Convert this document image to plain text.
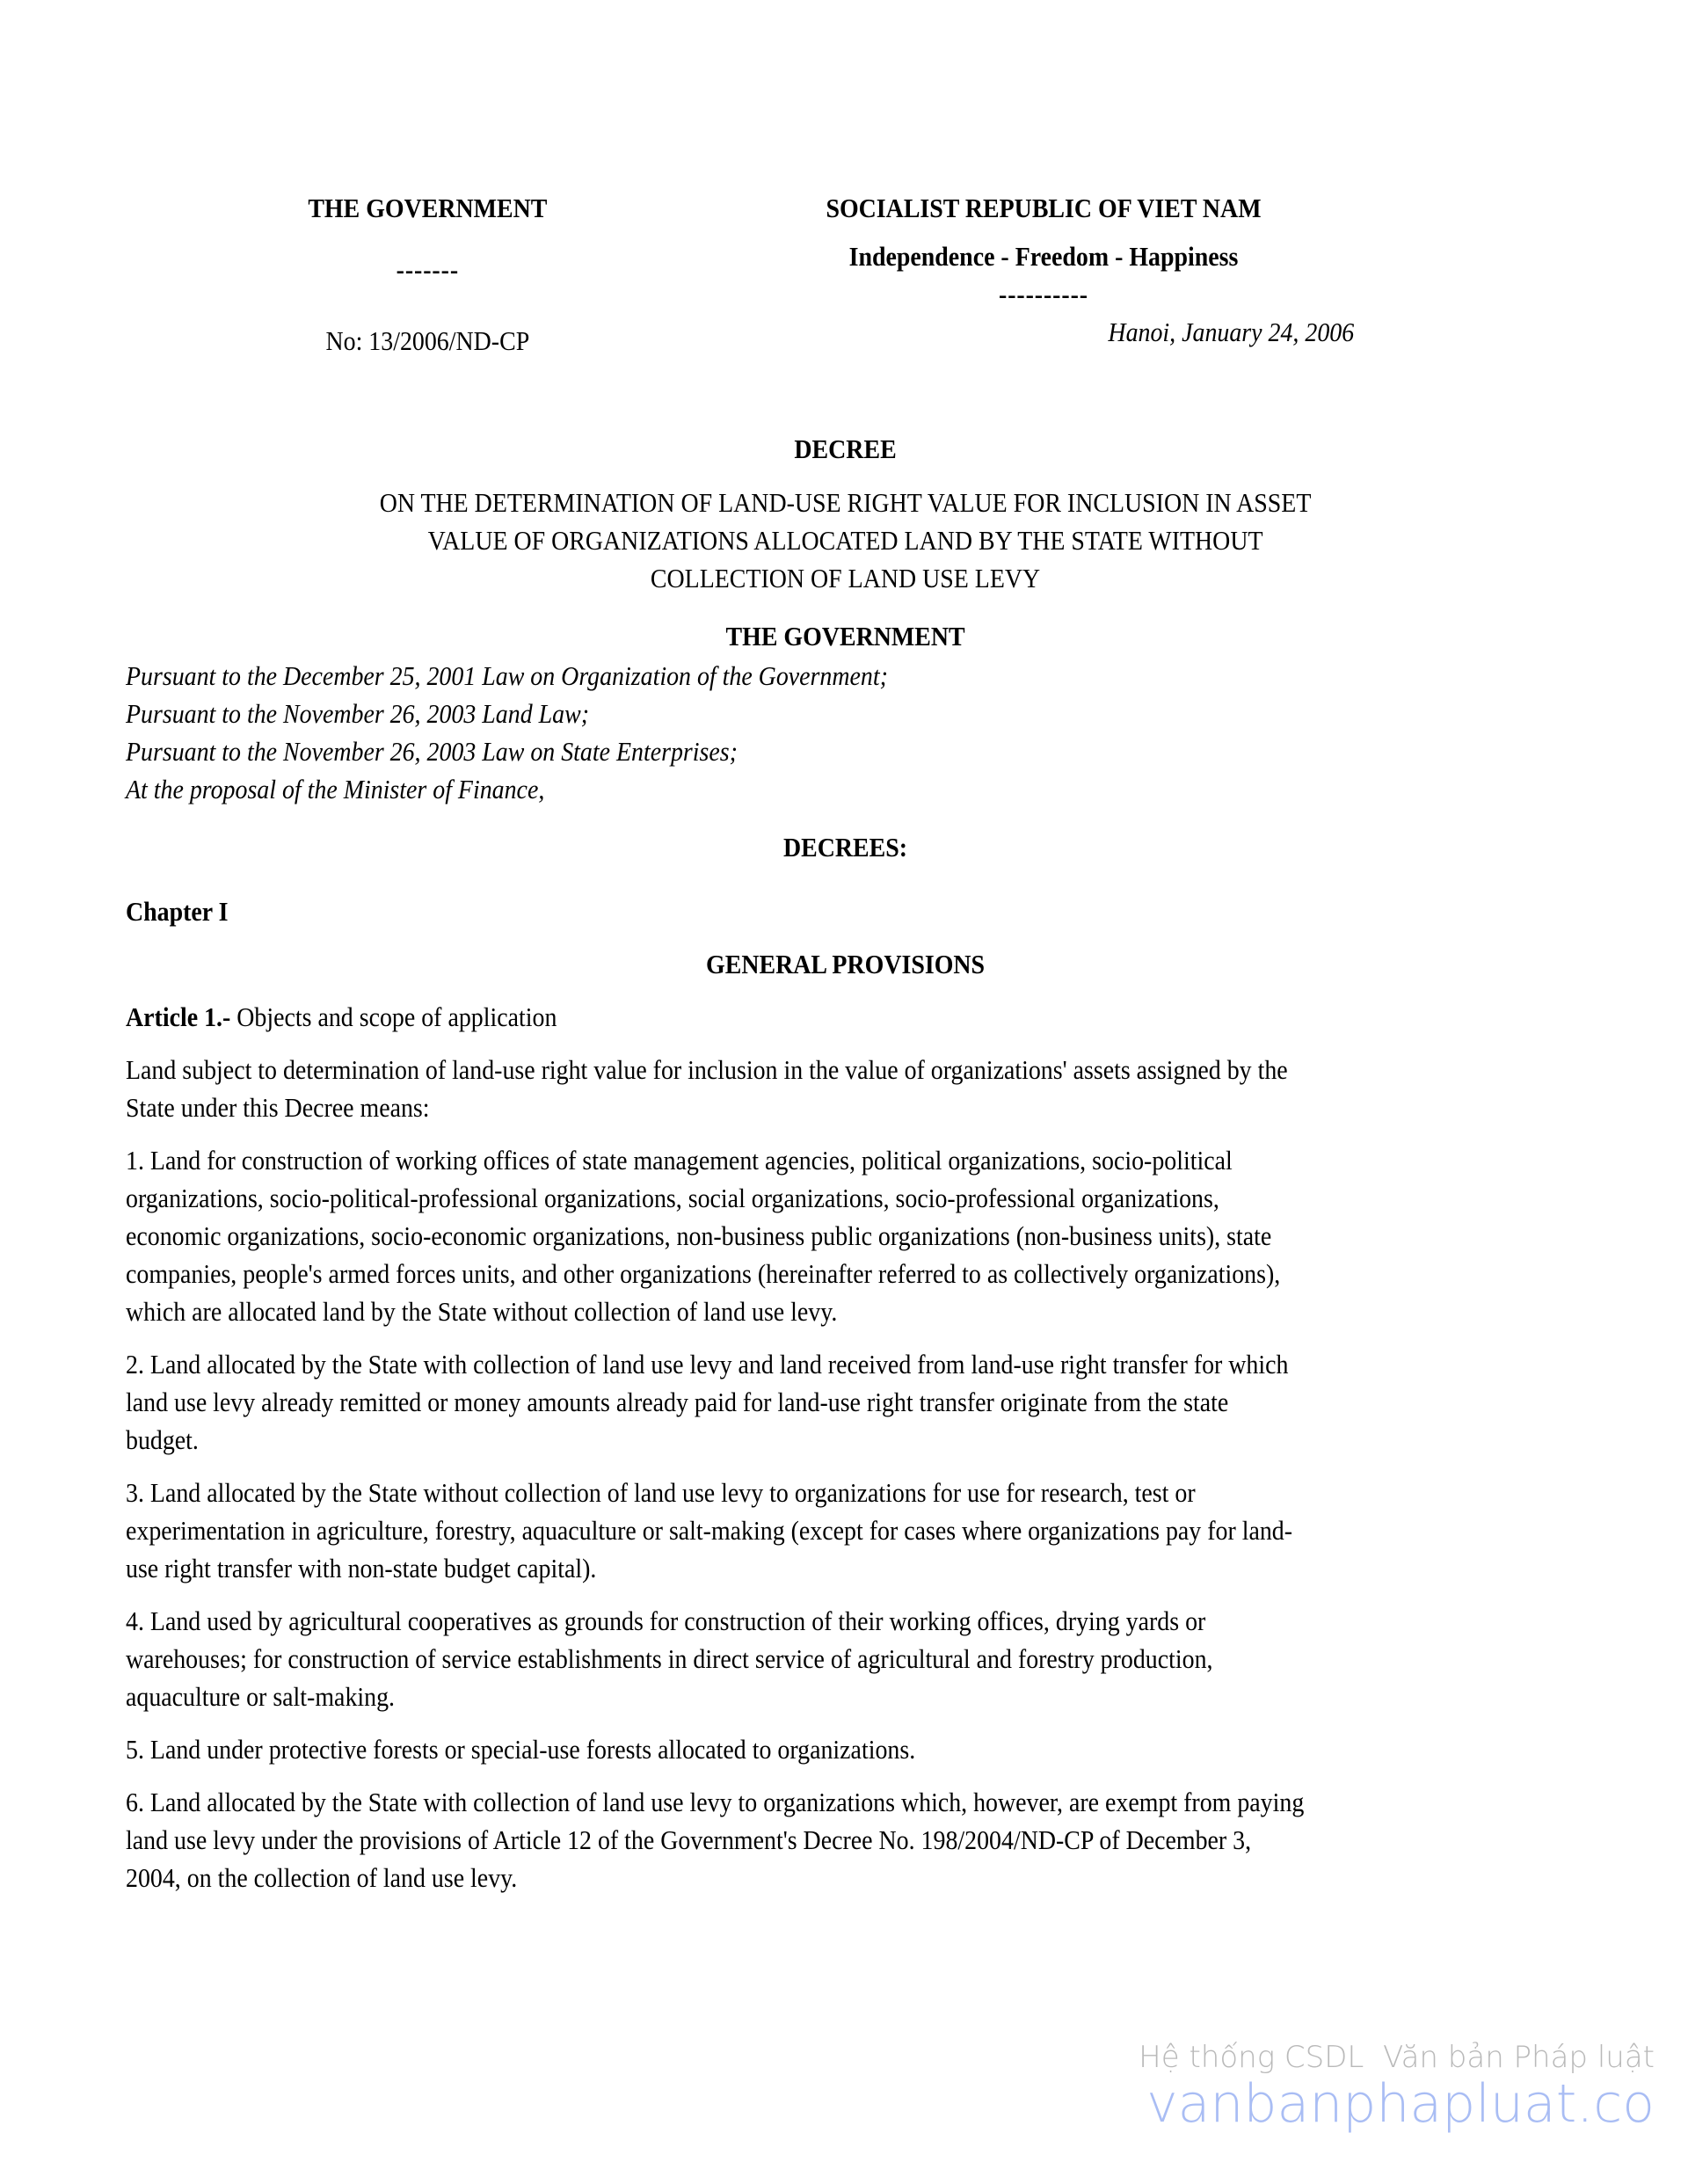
THE GOVERNMENT
-------
No: 13/2006/ND-CP
SOCIALIST REPUBLIC OF VIET NAM
Independence - Freedom - Happiness
----------
Hanoi, January 24, 2006
DECREE
ON THE DETERMINATION OF LAND-USE RIGHT VALUE FOR INCLUSION IN ASSET
VALUE OF ORGANIZATIONS ALLOCATED LAND BY THE STATE WITHOUT
COLLECTION OF LAND USE LEVY
THE GOVERNMENT
Pursuant to the December 25, 2001 Law on Organization of the Government;
Pursuant to the November 26, 2003 Land Law;
Pursuant to the November 26, 2003 Law on State Enterprises;
At the proposal of the Minister of Finance,
DECREES:
Chapter I
GENERAL PROVISIONS
Article 1.- Objects and scope of application
Land subject to determination of land-use right value for inclusion in the value of organizations' assets assigned by the State under this Decree means:
1. Land for construction of working offices of state management agencies, political organizations, socio-political organizations, socio-political-professional organizations, social organizations, socio-professional organizations, economic organizations, socio-economic organizations, non-business public organizations (non-business units), state companies, people's armed forces units, and other organizations (hereinafter referred to as collectively organizations), which are allocated land by the State without collection of land use levy.
2. Land allocated by the State with collection of land use levy and land received from land-use right transfer for which land use levy already remitted or money amounts already paid for land-use right transfer originate from the state budget.
3. Land allocated by the State without collection of land use levy to organizations for use for research, test or experimentation in agriculture, forestry, aquaculture or salt-making (except for cases where organizations pay for land-use right transfer with non-state budget capital).
4. Land used by agricultural cooperatives as grounds for construction of their working offices, drying yards or warehouses; for construction of service establishments in direct service of agricultural and forestry production, aquaculture or salt-making.
5. Land under protective forests or special-use forests allocated to organizations.
6. Land allocated by the State with collection of land use levy to organizations which, however, are exempt from paying land use levy under the provisions of Article 12 of the Government's Decree No. 198/2004/ND-CP of December 3, 2004, on the collection of land use levy.
Hệ thống CSDL  Văn bản Pháp luật
vanbanphapluat.co
